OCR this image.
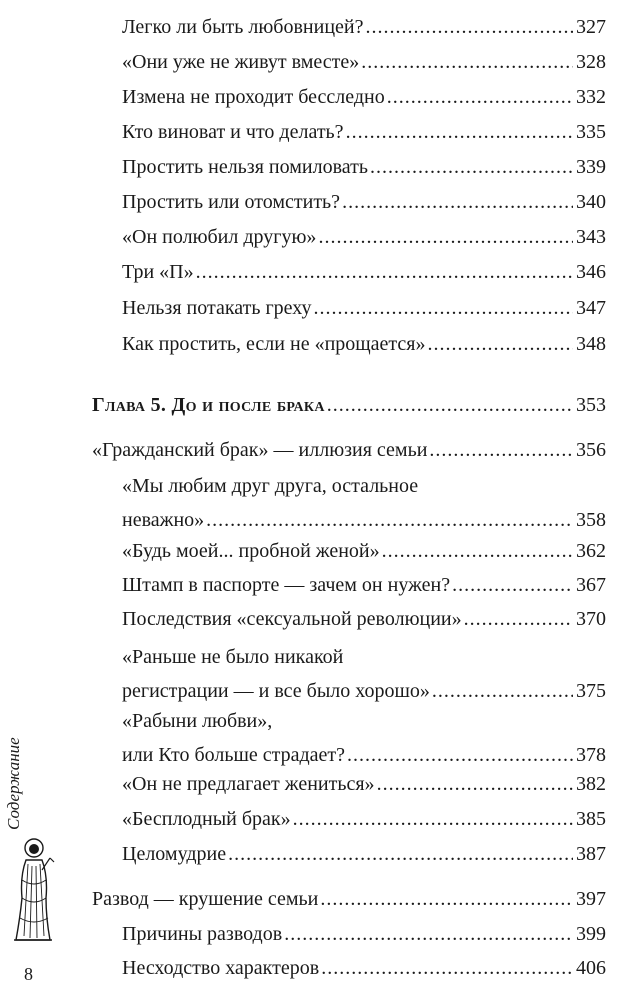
Легко ли быть любовницей? .....	327
«Они уже не живут вместе» .....	328
Измена не проходит бесследно .....	332
Кто виноват и что делать? .....	335
Простить нельзя помиловать .....	339
Простить или отомстить? .....	340
«Он полюбил другую» .....	343
Три «П» .....	346
Нельзя потакать греху .....	347
Как простить, если не «прощается» .....	348
Глава 5. До и после брака .....	353
«Гражданский брак» — иллюзия семьи .....	356
«Мы любим друг друга, остальное
неважно» .....	358
«Будь моей... пробной женой» .....	362
Штамп в паспорте — зачем он нужен? .....	367
Последствия «сексуальной революции» .....	370
«Раньше не было никакой
регистрации — и все было хорошо» .....	375
«Рабыни любви»,
или Кто больше страдает? .....	378
«Он не предлагает жениться» .....	382
«Бесплодный брак» .....	385
Целомудрие .....	387
Развод — крушение семьи .....	397
Причины разводов .....	399
Несходство характеров .....	406
Содержание
8
